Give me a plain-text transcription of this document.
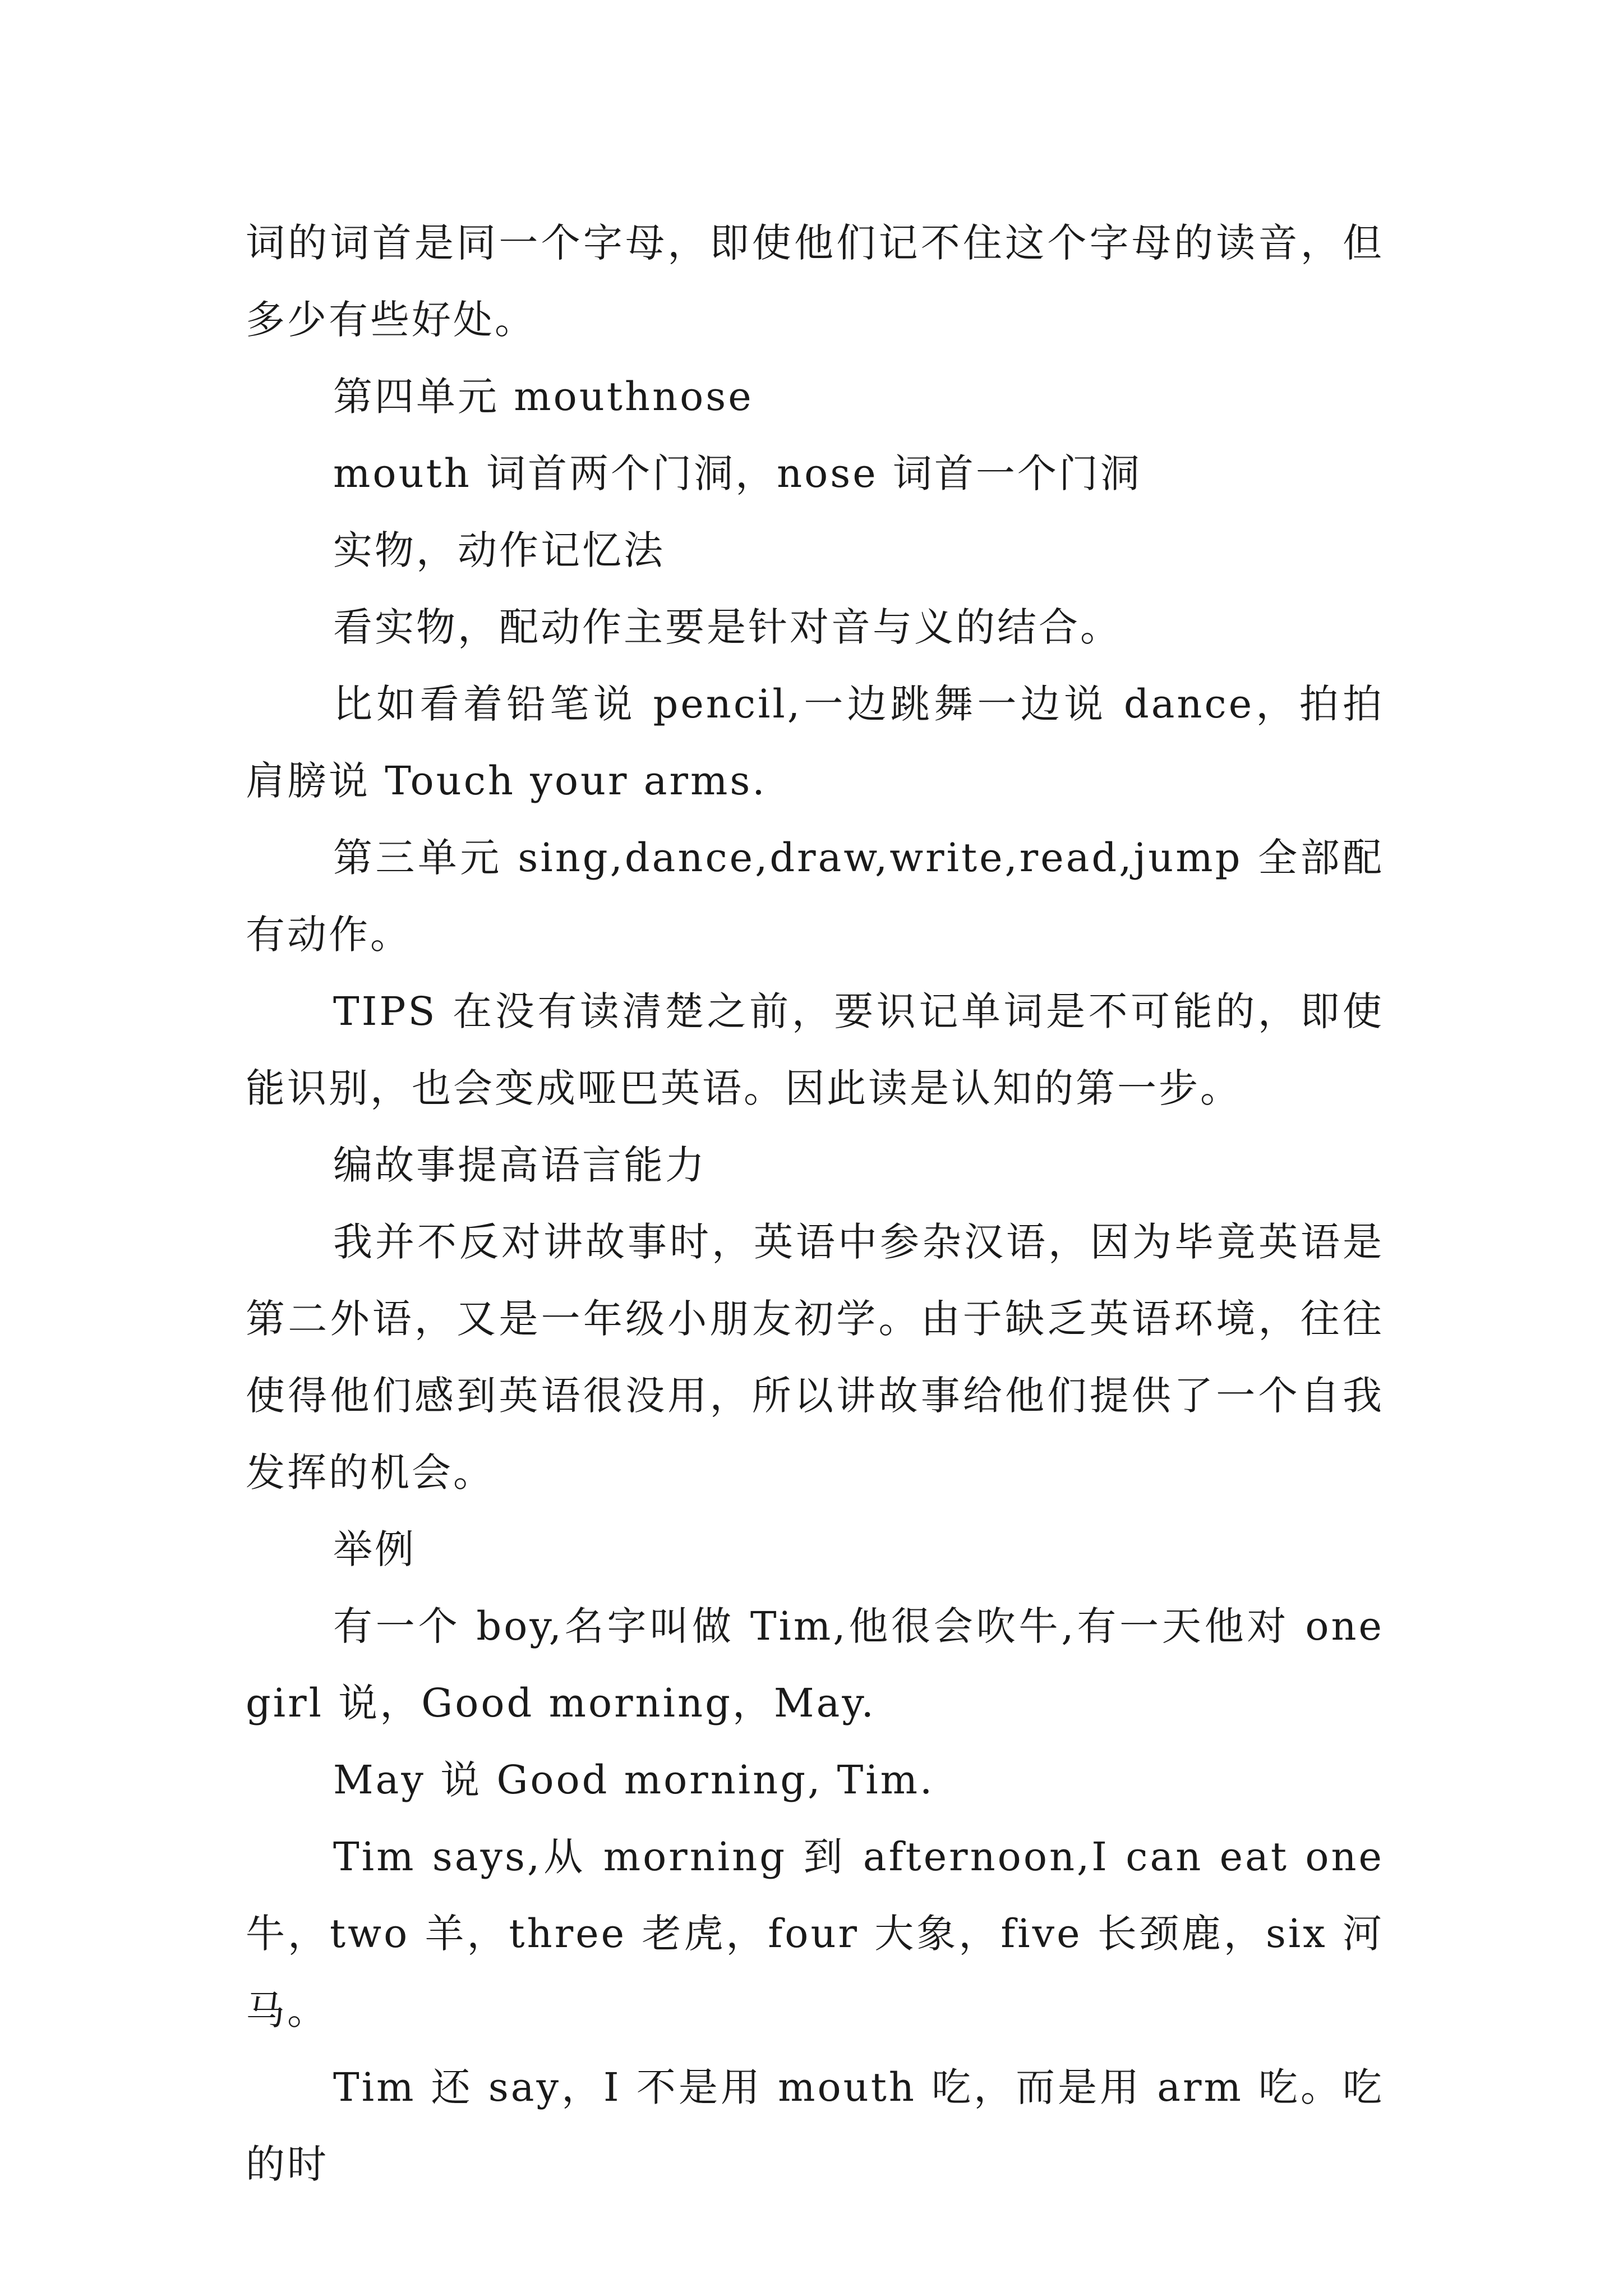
词的词首是同一个字母，即使他们记不住这个字母的读音，但多少有些好处。

第四单元 mouthnose

mouth 词首两个门洞，nose 词首一个门洞

实物，动作记忆法

看实物，配动作主要是针对音与义的结合。

比如看着铅笔说 pencil,一边跳舞一边说 dance，拍拍肩膀说 Touch your arms.

第三单元 sing,dance,draw,write,read,jump 全部配有动作。

TIPS 在没有读清楚之前，要识记单词是不可能的，即使能识别，也会变成哑巴英语。因此读是认知的第一步。

编故事提高语言能力

我并不反对讲故事时，英语中参杂汉语，因为毕竟英语是第二外语，又是一年级小朋友初学。由于缺乏英语环境，往往使得他们感到英语很没用，所以讲故事给他们提供了一个自我发挥的机会。

举例

有一个 boy,名字叫做 Tim,他很会吹牛,有一天他对 one girl 说，Good morning，May.

May 说 Good morning, Tim.

Tim says,从 morning 到 afternoon,I can eat one 牛，two 羊，three 老虎，four 大象，five 长颈鹿，six 河马。

Tim 还 say，I 不是用 mouth 吃，而是用 arm 吃。吃的时
